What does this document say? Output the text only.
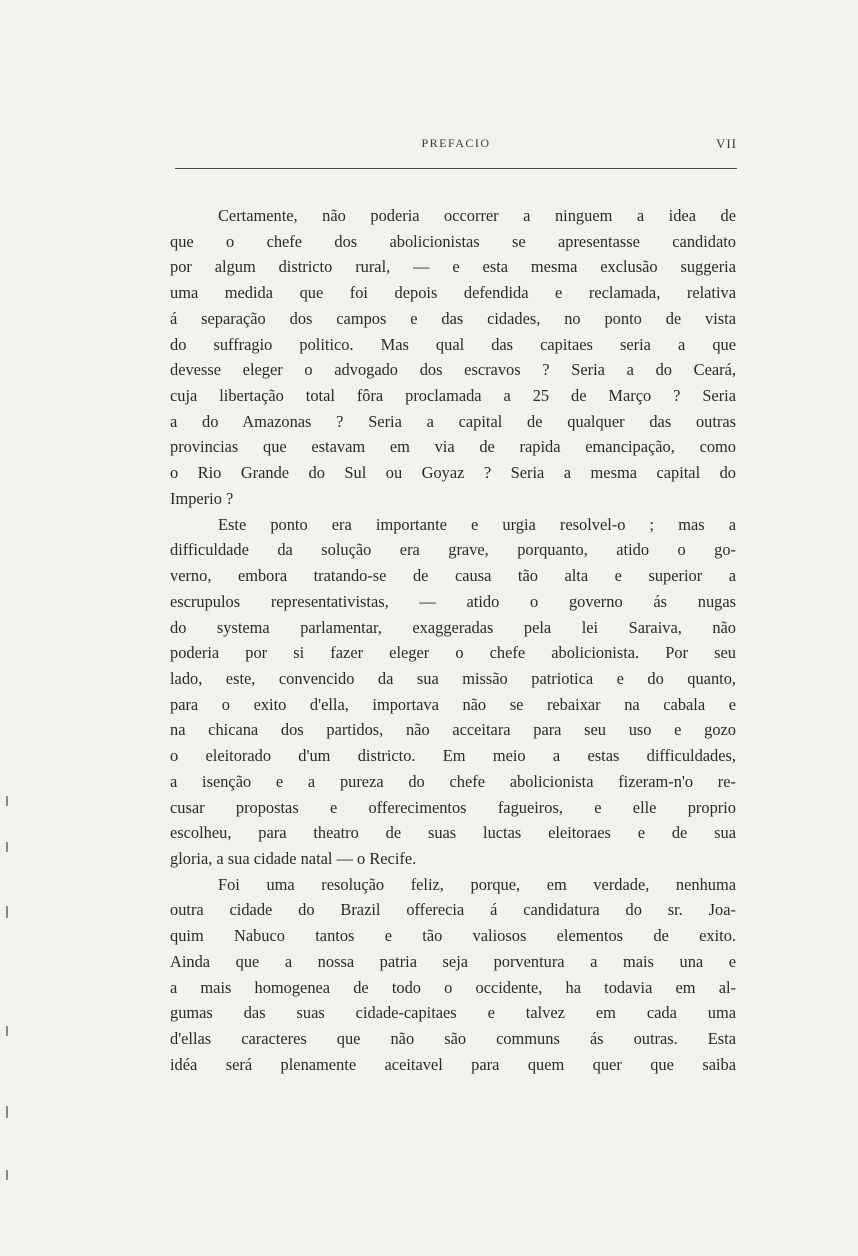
PREFACIO	VII
Certamente, não poderia occorrer a ninguem a idea de
que o chefe dos abolicionistas se apresentasse candidato
por algum districto rural, — e esta mesma exclusão suggeria
uma medida que foi depois defendida e reclamada, relativa
á separação dos campos e das cidades, no ponto de vista
do suffragio politico. Mas qual das capitaes seria a que
devesse eleger o advogado dos escravos ? Seria a do Ceará,
cuja libertação total fôra proclamada a 25 de Março ? Seria
a do Amazonas ? Seria a capital de qualquer das outras
provincias que estavam em via de rapida emancipação, como
o Rio Grande do Sul ou Goyaz ? Seria a mesma capital do
Imperio ?
Este ponto era importante e urgia resolvel-o ; mas a
difficuldade da solução era grave, porquanto, atido o go-
verno, embora tratando-se de causa tão alta e superior a
escrupulos representativistas, — atido o governo ás nugas
do systema parlamentar, exaggeradas pela lei Saraiva, não
poderia por si fazer eleger o chefe abolicionista. Por seu
lado, este, convencido da sua missão patriotica e do quanto,
para o exito d'ella, importava não se rebaixar na cabala e
na chicana dos partidos, não acceitara para seu uso e gozo
o eleitorado d'um districto. Em meio a estas difficuldades,
a isenção e a pureza do chefe abolicionista fizeram-n'o re-
cusar propostas e offerecimentos fagueiros, e elle proprio
escolheu, para theatro de suas luctas eleitoraes e de sua
gloria, a sua cidade natal — o Recife.
Foi uma resolução feliz, porque, em verdade, nenhuma
outra cidade do Brazil offerecia á candidatura do sr. Joa-
quim Nabuco tantos e tão valiosos elementos de exito.
Ainda que a nossa patria seja porventura a mais una e
a mais homogenea de todo o occidente, ha todavia em al-
gumas das suas cidade-capitaes e talvez em cada uma
d'ellas caracteres que não são communs ás outras. Esta
idéa será plenamente aceitavel para quem quer que saiba
